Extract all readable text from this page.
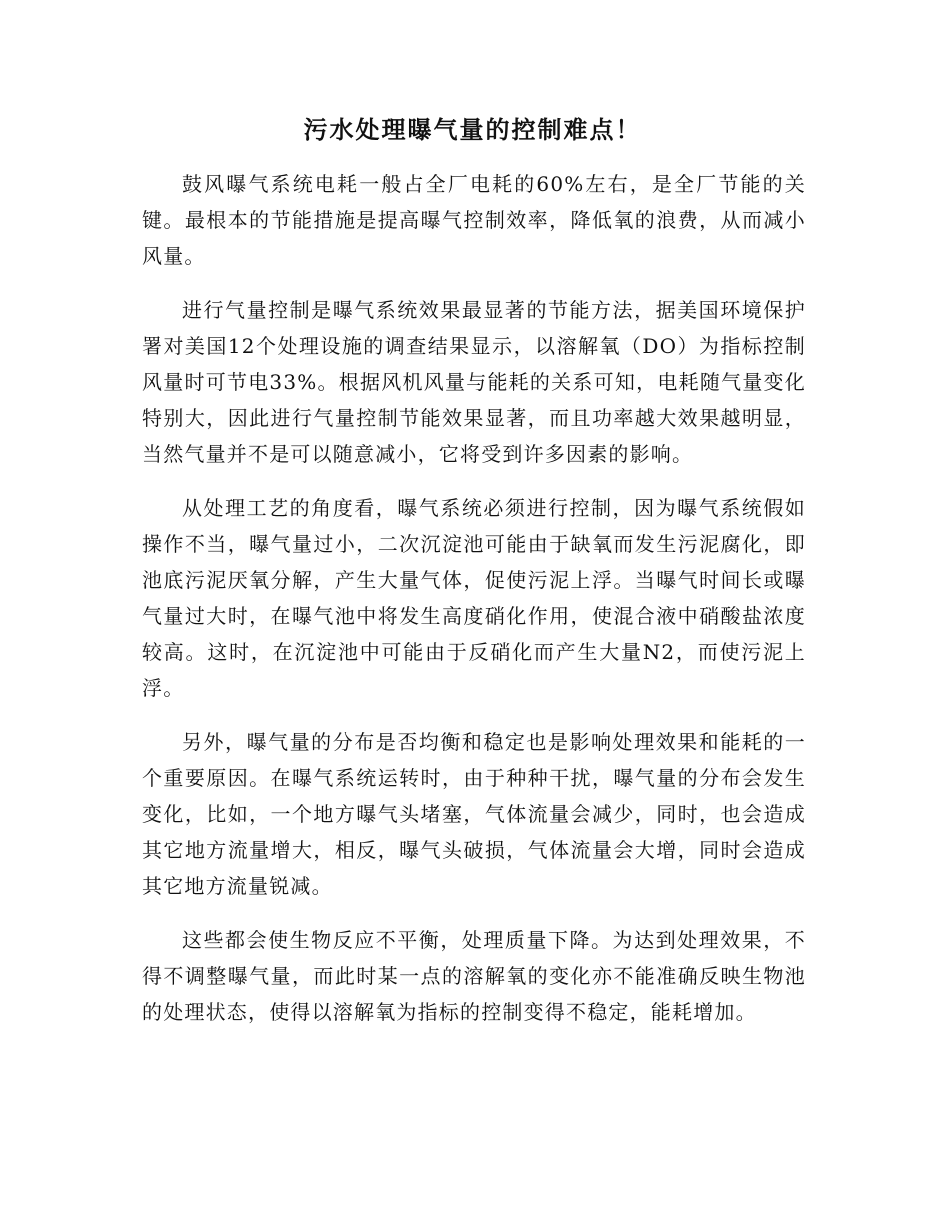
污水处理曝气量的控制难点！

鼓风曝气系统电耗一般占全厂电耗的60%左右，是全厂节能的关键。最根本的节能措施是提高曝气控制效率，降低氧的浪费，从而减小风量。

进行气量控制是曝气系统效果最显著的节能方法，据美国环境保护署对美国12个处理设施的调查结果显示，以溶解氧（DO）为指标控制风量时可节电33%。根据风机风量与能耗的关系可知，电耗随气量变化特别大，因此进行气量控制节能效果显著，而且功率越大效果越明显，当然气量并不是可以随意减小，它将受到许多因素的影响。

从处理工艺的角度看，曝气系统必须进行控制，因为曝气系统假如操作不当，曝气量过小，二次沉淀池可能由于缺氧而发生污泥腐化，即池底污泥厌氧分解，产生大量气体，促使污泥上浮。当曝气时间长或曝气量过大时，在曝气池中将发生高度硝化作用，使混合液中硝酸盐浓度较高。这时，在沉淀池中可能由于反硝化而产生大量N2，而使污泥上浮。

另外，曝气量的分布是否均衡和稳定也是影响处理效果和能耗的一个重要原因。在曝气系统运转时，由于种种干扰，曝气量的分布会发生变化，比如，一个地方曝气头堵塞，气体流量会减少，同时，也会造成其它地方流量增大，相反，曝气头破损，气体流量会大增，同时会造成其它地方流量锐减。

这些都会使生物反应不平衡，处理质量下降。为达到处理效果，不得不调整曝气量，而此时某一点的溶解氧的变化亦不能准确反映生物池的处理状态，使得以溶解氧为指标的控制变得不稳定，能耗增加。
